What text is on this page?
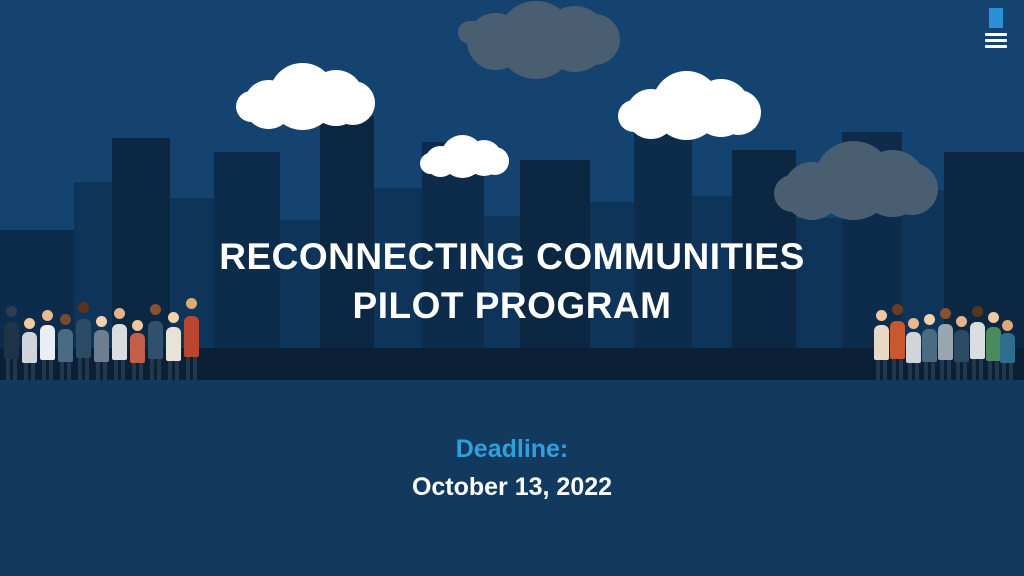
RECONNECTING COMMUNITIES
PILOT PROGRAM
Deadline:
October 13, 2022
